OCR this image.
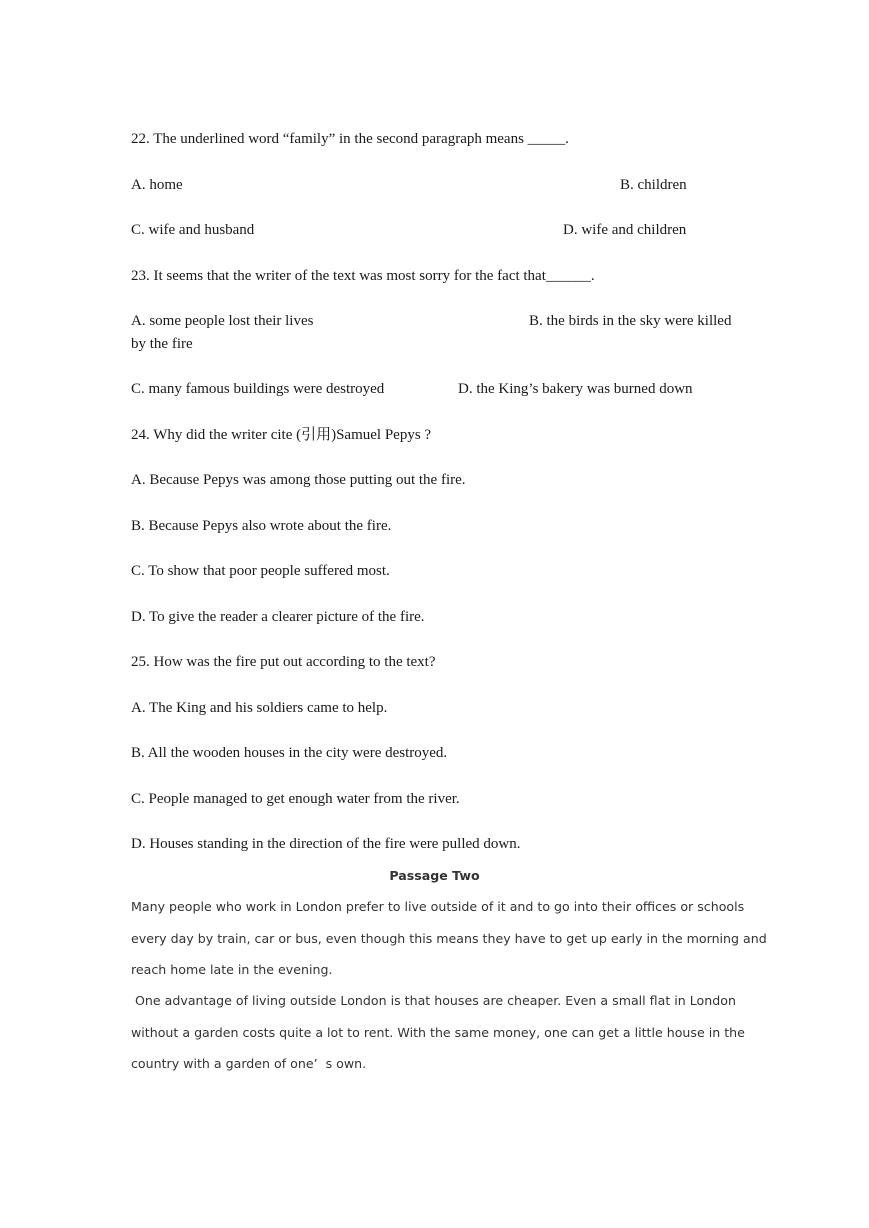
22. The underlined word “family” in the second paragraph means _____.
A. home	B. children
C. wife and husband	D. wife and children
23. It seems that the writer of the text was most sorry for the fact that______.
A. some people lost their lives	B. the birds in the sky were killed
by the fire
C. many famous buildings were destroyed	D. the King’s bakery was burned down
24. Why did the writer cite (引用)Samuel Pepys ?
A. Because Pepys was among those putting out the fire.
B. Because Pepys also wrote about the fire.
C. To show that poor people suffered most.
D. To give the reader a clearer picture of the fire.
25. How was the fire put out according to the text?
A. The King and his soldiers came to help.
B. All the wooden houses in the city were destroyed.
C. People managed to get enough water from the river.
D. Houses standing in the direction of the fire were pulled down.
Passage Two
Many people who work in London prefer to live outside of it and to go into their offices or schools
every day by train, car or bus, even though this means they have to get up early in the morning and
reach home late in the evening.
One advantage of living outside London is that houses are cheaper. Even a small flat in London
without a garden costs quite a lot to rent. With the same money, one can get a little house in the
country with a garden of one’  s own.
